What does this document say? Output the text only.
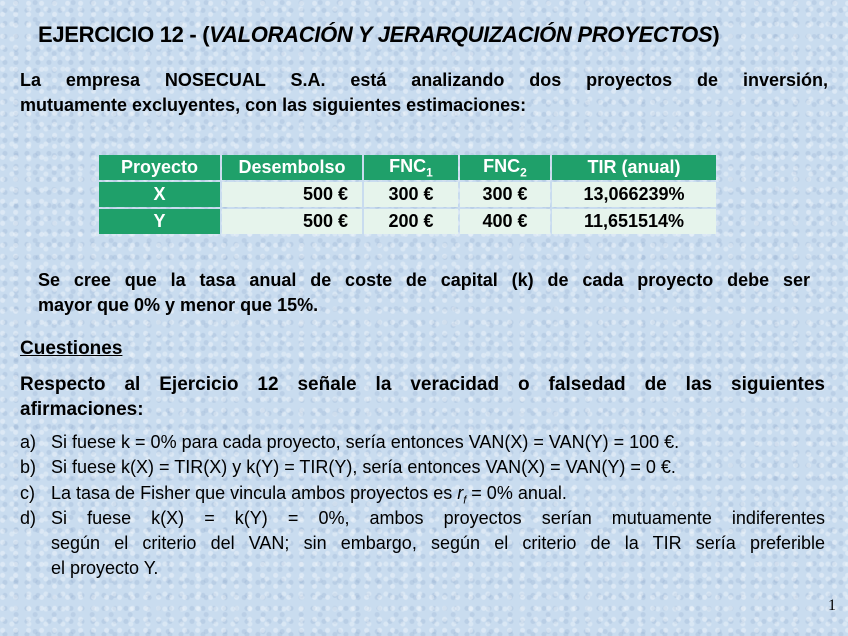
EJERCICIO 12 - (VALORACIÓN Y JERARQUIZACIÓN PROYECTOS)
La empresa NOSECUAL S.A. está analizando dos proyectos de inversión,
mutuamente excluyentes, con las siguientes estimaciones:
Proyecto	Desembolso	$FNC_1$	$FNC_2$	TIR (anual)
X	500 €	300 €	300 €	13,066239%
Y	500 €	200 €	400 €	11,651514%
Se cree que la tasa anual de coste de capital (k) de cada proyecto debe ser
mayor que 0% y menor que 15%.
Cuestiones
Respecto al Ejercicio 12 señale la veracidad o falsedad de las siguientes
afirmaciones:
a) Si fuese k = 0% para cada proyecto, sería entonces VAN(X) = VAN(Y) = 100 €.
b) Si fuese k(X) = TIR(X) y k(Y) = TIR(Y), sería entonces VAN(X) = VAN(Y) = 0 €.
c) La tasa de Fisher que vincula ambos proyectos es $r_f = 0\%$ anual.
d) Si fuese k(X) = k(Y) = 0%, ambos proyectos serían mutuamente indiferentes
según el criterio del VAN; sin embargo, según el criterio de la TIR sería preferible
el proyecto Y.
1
